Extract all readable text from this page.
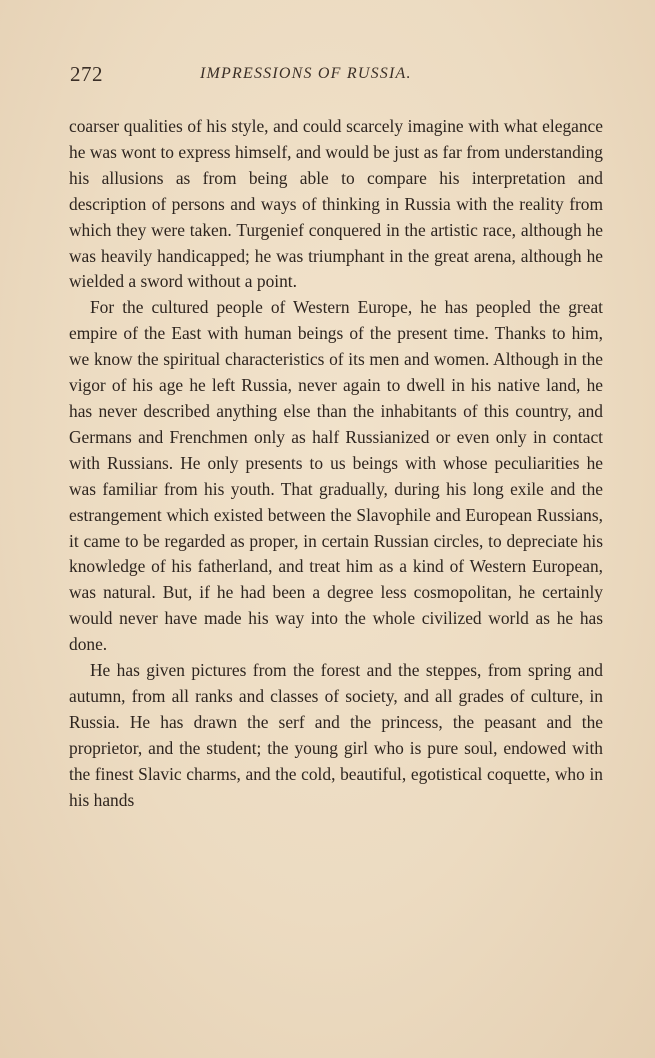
272	IMPRESSIONS OF RUSSIA.

coarser qualities of his style, and could scarcely imagine with what elegance he was wont to express himself, and would be just as far from understanding his allusions as from being able to compare his interpretation and description of persons and ways of thinking in Russia with the reality from which they were taken. Turgenief conquered in the artistic race, although he was heavily handicapped; he was triumphant in the great arena, although he wielded a sword without a point.

For the cultured people of Western Europe, he has peopled the great empire of the East with human beings of the present time. Thanks to him, we know the spiritual characteristics of its men and women. Although in the vigor of his age he left Russia, never again to dwell in his native land, he has never described anything else than the inhabitants of this country, and Germans and Frenchmen only as half Russianized or even only in contact with Russians. He only presents to us beings with whose peculiarities he was familiar from his youth. That gradually, during his long exile and the estrangement which existed between the Slavophile and European Russians, it came to be regarded as proper, in certain Russian circles, to depreciate his knowledge of his fatherland, and treat him as a kind of Western European, was natural. But, if he had been a degree less cosmopolitan, he certainly would never have made his way into the whole civilized world as he has done.

He has given pictures from the forest and the steppes, from spring and autumn, from all ranks and classes of society, and all grades of culture, in Russia. He has drawn the serf and the princess, the peasant and the proprietor, and the student; the young girl who is pure soul, endowed with the finest Slavic charms, and the cold, beautiful, egotistical coquette, who in his hands
